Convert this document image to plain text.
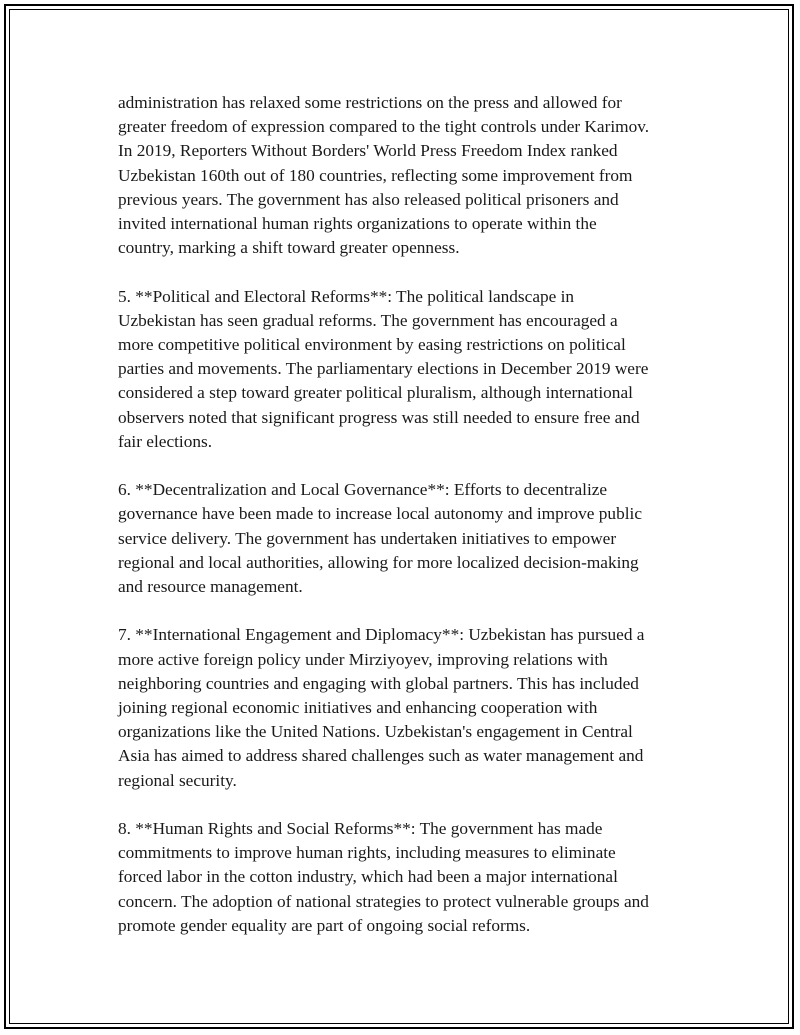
administration has relaxed some restrictions on the press and allowed for
greater freedom of expression compared to the tight controls under Karimov.
In 2019, Reporters Without Borders' World Press Freedom Index ranked
Uzbekistan 160th out of 180 countries, reflecting some improvement from
previous years. The government has also released political prisoners and
invited international human rights organizations to operate within the
country, marking a shift toward greater openness.

5. **Political and Electoral Reforms**: The political landscape in
Uzbekistan has seen gradual reforms. The government has encouraged a
more competitive political environment by easing restrictions on political
parties and movements. The parliamentary elections in December 2019 were
considered a step toward greater political pluralism, although international
observers noted that significant progress was still needed to ensure free and
fair elections.

6. **Decentralization and Local Governance**: Efforts to decentralize
governance have been made to increase local autonomy and improve public
service delivery. The government has undertaken initiatives to empower
regional and local authorities, allowing for more localized decision-making
and resource management.

7. **International Engagement and Diplomacy**: Uzbekistan has pursued a
more active foreign policy under Mirziyoyev, improving relations with
neighboring countries and engaging with global partners. This has included
joining regional economic initiatives and enhancing cooperation with
organizations like the United Nations. Uzbekistan's engagement in Central
Asia has aimed to address shared challenges such as water management and
regional security.

8. **Human Rights and Social Reforms**: The government has made
commitments to improve human rights, including measures to eliminate
forced labor in the cotton industry, which had been a major international
concern. The adoption of national strategies to protect vulnerable groups and
promote gender equality are part of ongoing social reforms.
